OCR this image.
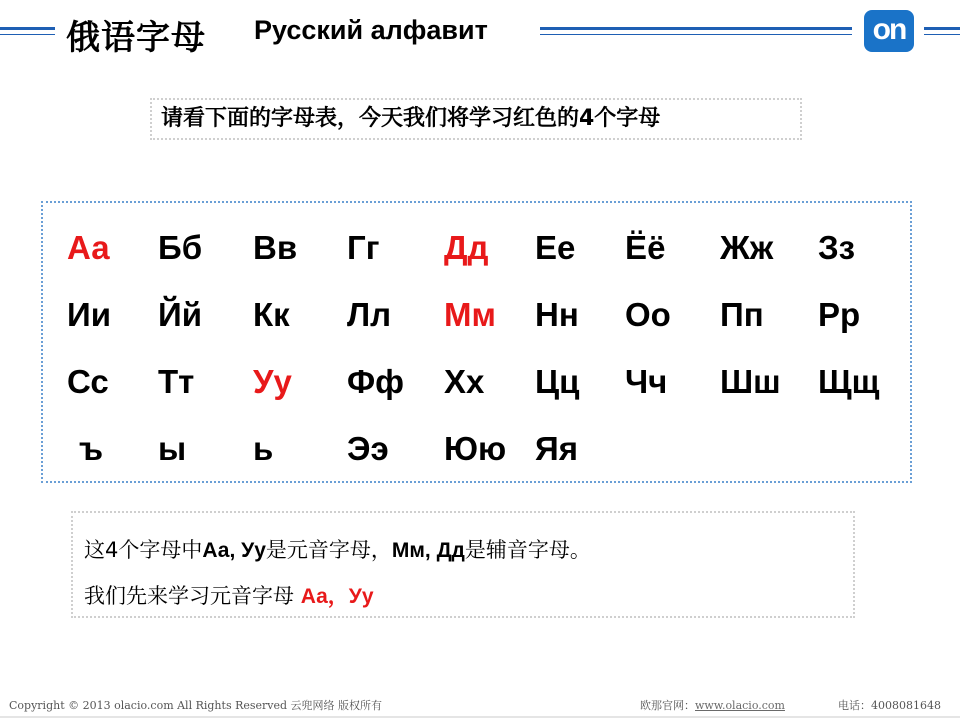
俄语字母 Русский алфавит	on
请看下面的字母表，今天我们将学习红色的4个字母
Аа Бб Вв Гг Дд Ее Ёё Жж Зз
Ии Йй Кк Лл Мм Нн Оо Пп Рр
Сс Тт Уу Фф Хх Цц Чч Шш Щщ
ъ ы ь Ээ Юю Яя
这4个字母中Аа, Уу是元音字母，Мм, Дд是辅音字母。
我们先来学习元音字母 Аа，Уу
Copyright © 2013 olacio.com All Rights Reserved 云兜网络 版权所有	欧那官网：www.olacio.com	电话：4008081648
